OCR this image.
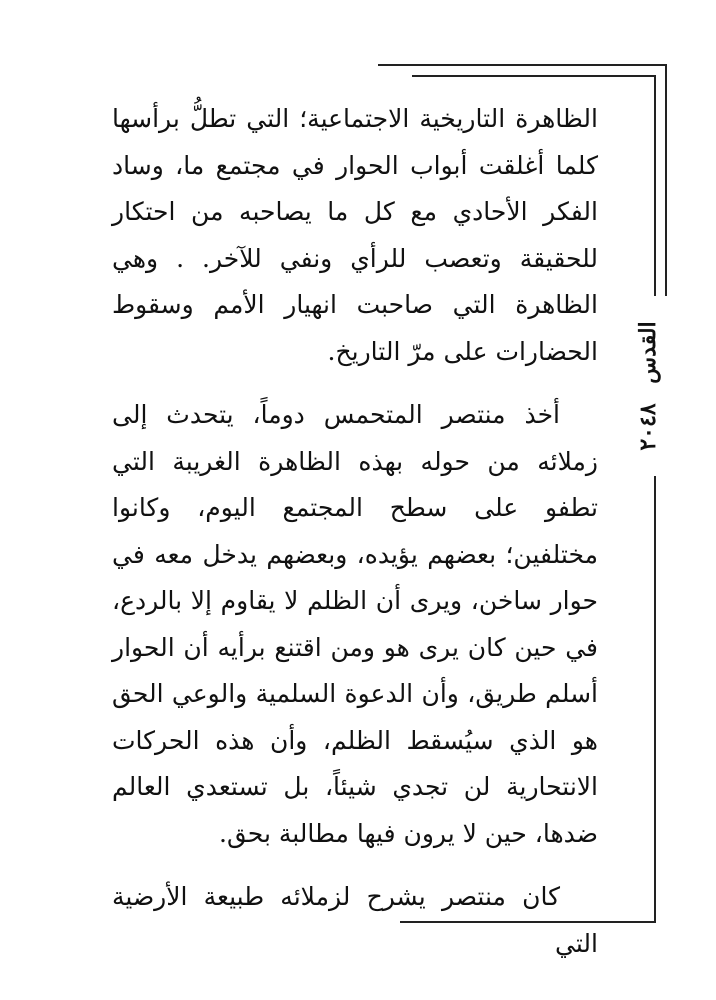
القدس ٢٠٤٨

الظاهرة التاريخية الاجتماعية؛ التي تطلُّ برأسها كلما أغلقت أبواب الحوار في مجتمع ما، وساد الفكر الأحادي مع كل ما يصاحبه من احتكار للحقيقة وتعصب للرأي ونفي للآخر. . وهي الظاهرة التي صاحبت انهيار الأمم وسقوط الحضارات على مرّ التاريخ.

أخذ منتصر المتحمس دوماً، يتحدث إلى زملائه من حوله بهذه الظاهرة الغريبة التي تطفو على سطح المجتمع اليوم، وكانوا مختلفين؛ بعضهم يؤيده، وبعضهم يدخل معه في حوار ساخن، ويرى أن الظلم لا يقاوم إلا بالردع، في حين كان يرى هو ومن اقتنع برأيه أن الحوار أسلم طريق، وأن الدعوة السلمية والوعي الحق هو الذي سيُسقط الظلم، وأن هذه الحركات الانتحارية لن تجدي شيئاً، بل تستعدي العالم ضدها، حين لا يرون فيها مطالبة بحق.

كان منتصر يشرح لزملائه طبيعة الأرضية التي
